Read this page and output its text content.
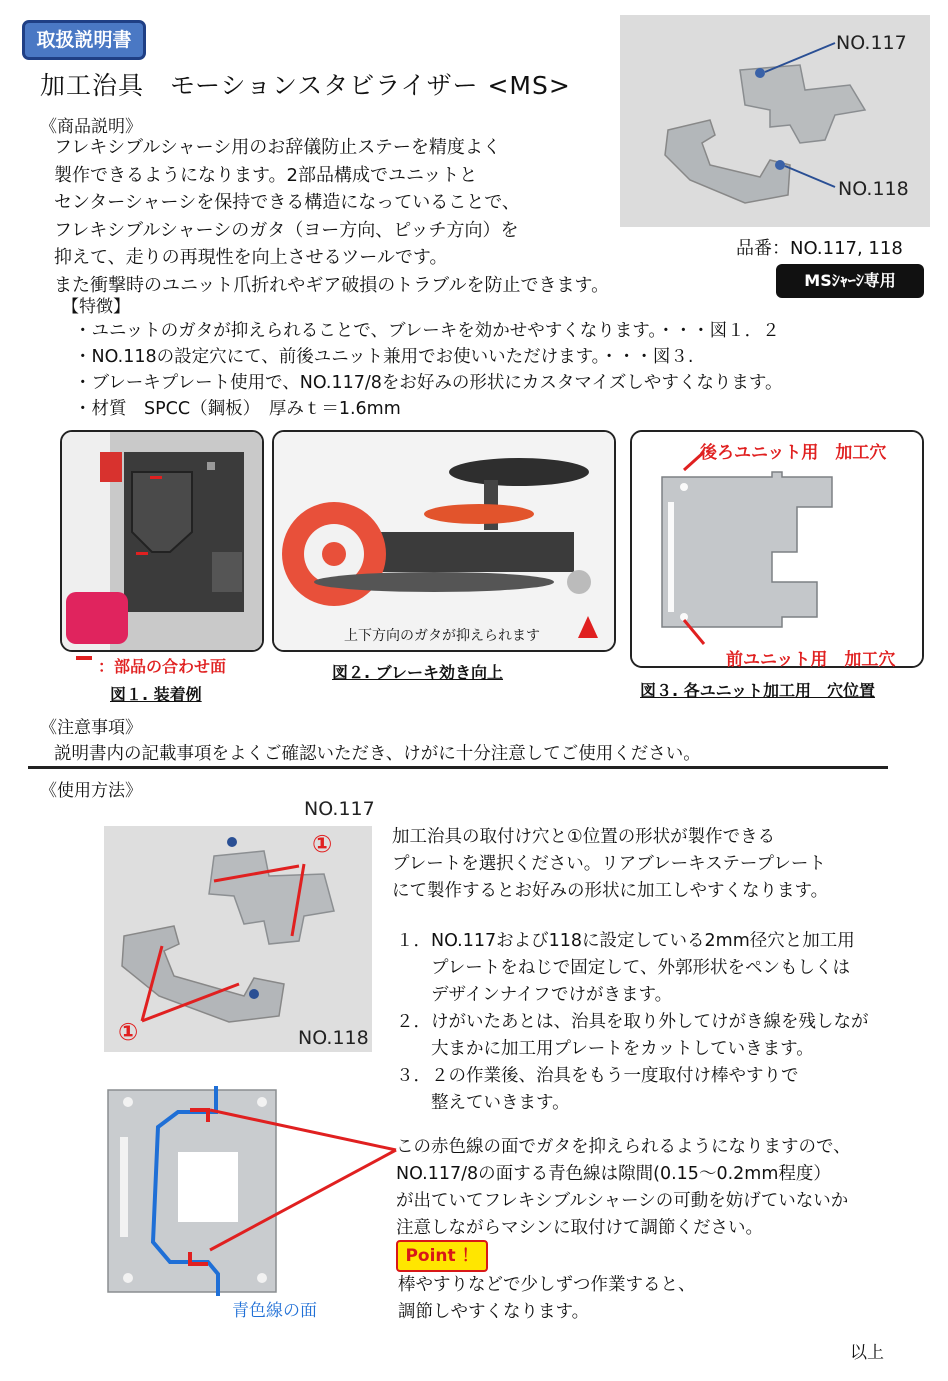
取扱説明書
加工治具　モーションスタビライザー <MS>
《商品説明》
フレキシブルシャーシ用のお辞儀防止ステーを精度よく
製作できるようになります。2部品構成でユニットと
センターシャーシを保持できる構造になっていることで、
フレキシブルシャーシのガタ（ヨー方向、ピッチ方向）を
抑えて、走りの再現性を向上させるツールです。
また衝撃時のユニット爪折れやギア破損のトラブルを防止できます。
NO.117
NO.118
品番：NO.117, 118
MSｼｬｰｼ専用
【特徴】
・ユニットのガタが抑えられることで、ブレーキを効かせやすくなります。・・・図１．２
・NO.118の設定穴にて、前後ユニット兼用でお使いいただけます。・・・図３.
・ブレーキプレート使用で、NO.117/8をお好みの形状にカスタマイズしやすくなります。
・材質　SPCC（鋼板）　厚みｔ＝1.6mm
：部品の合わせ面
図１. 装着例
上下方向のガタが抑えられます
図２. ブレーキ効き向上
後ろユニット用　加工穴
前ユニット用　加工穴
図３. 各ユニット加工用　穴位置
《注意事項》
説明書内の記載事項をよくご確認いただき、けがに十分注意してご使用ください。
《使用方法》
NO.117
NO.118
①
①
加工治具の取付け穴と①位置の形状が製作できる
プレートを選択ください。リアブレーキステープレート
にて製作するとお好みの形状に加工しやすくなります。
１．NO.117および118に設定している2mm径穴と加工用
　　プレートをねじで固定して、外郭形状をペンもしくは
　　デザインナイフでけがきます。
２．けがいたあとは、治具を取り外してけがき線を残しなが
　　大まかに加工用プレートをカットしていきます。
３．２の作業後、治具をもう一度取付け棒やすりで
　　整えていきます。
青色線の面
この赤色線の面でガタを抑えられるようになりますので、
NO.117/8の面する青色線は隙間(0.15～0.2mm程度）
が出ていてフレキシブルシャーシの可動を妨げていないか
注意しながらマシンに取付けて調節ください。
Point ！
棒やすりなどで少しずつ作業すると、
調節しやすくなります。
以上
